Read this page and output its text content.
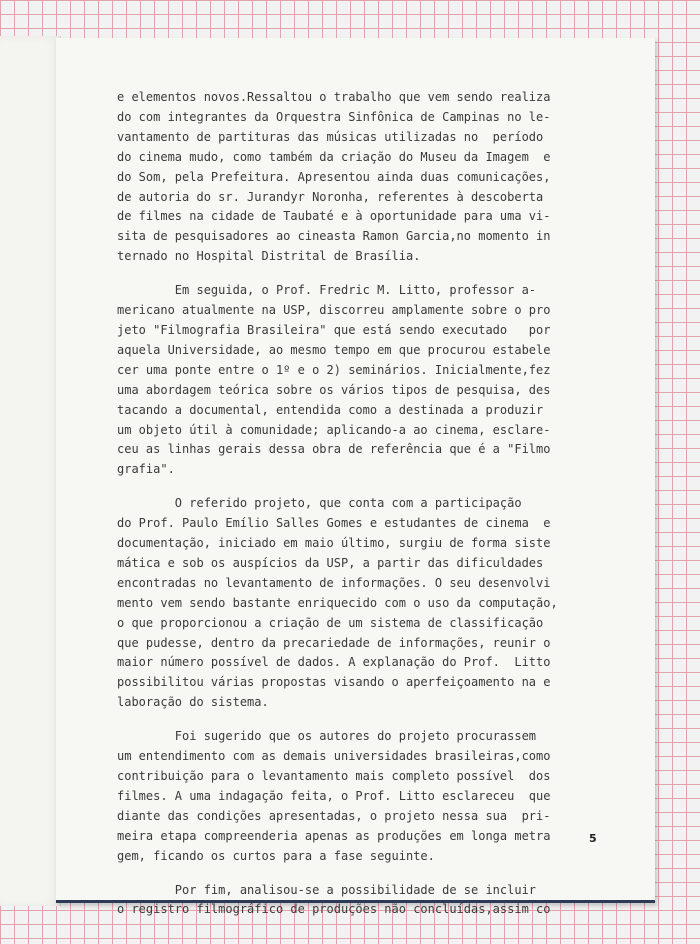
e elementos novos.Ressaltou o trabalho que vem sendo realiza
do com integrantes da Orquestra Sinfônica de Campinas no le-
vantamento de partituras das músicas utilizadas no  período
do cinema mudo, como também da criação do Museu da Imagem  e
do Som, pela Prefeitura. Apresentou ainda duas comunicações,
de autoria do sr. Jurandyr Noronha, referentes à descoberta
de filmes na cidade de Taubaté e à oportunidade para uma vi-
sita de pesquisadores ao cineasta Ramon Garcia,no momento in
ternado no Hospital Distrital de Brasília.

Em seguida, o Prof. Fredric M. Litto, professor a-
mericano atualmente na USP, discorreu amplamente sobre o pro
jeto "Filmografia Brasileira" que está sendo executado   por
aquela Universidade, ao mesmo tempo em que procurou estabele
cer uma ponte entre o 1º e o 2) seminários. Inicialmente,fez
uma abordagem teórica sobre os vários tipos de pesquisa, des
tacando a documental, entendida como a destinada a produzir
um objeto útil à comunidade; aplicando-a ao cinema, esclare-
ceu as linhas gerais dessa obra de referência que é a "Filmo
grafia".

O referido projeto, que conta com a participação
do Prof. Paulo Emílio Salles Gomes e estudantes de cinema  e
documentação, iniciado em maio último, surgiu de forma siste
mática e sob os auspícios da USP, a partir das dificuldades
encontradas no levantamento de informações. O seu desenvolvi
mento vem sendo bastante enriquecido com o uso da computação,
o que proporcionou a criação de um sistema de classificação
que pudesse, dentro da precariedade de informações, reunir o
maior número possível de dados. A explanação do Prof.  Litto
possibilitou várias propostas visando o aperfeiçoamento na e
laboração do sistema.

Foi sugerido que os autores do projeto procurassem
um entendimento com as demais universidades brasileiras,como
contribuição para o levantamento mais completo possível  dos
filmes. A uma indagação feita, o Prof. Litto esclareceu  que
diante das condições apresentadas, o projeto nessa sua  pri-
meira etapa compreenderia apenas as produções em longa metra
gem, ficando os curtos para a fase seguinte.

Por fim, analisou-se a possibilidade de se incluir
o registro filmográfico de produções não concluídas,assim co

5
